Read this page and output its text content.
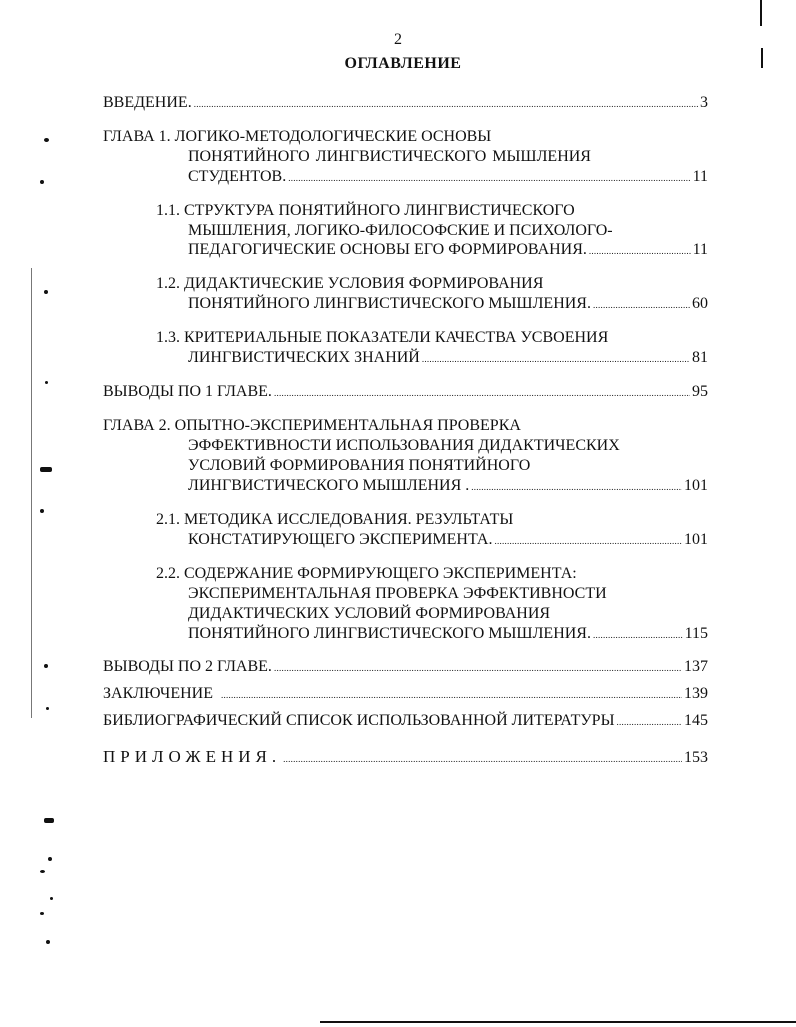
2
ОГЛАВЛЕНИЕ
ВВЕДЕНИЕ. . . .	3
ГЛАВА 1. ЛОГИКО-МЕТОДОЛОГИЧЕСКИЕ ОСНОВЫ
ПОНЯТИЙНОГО ЛИНГВИСТИЧЕСКОГО МЫШЛЕНИЯ
СТУДЕНТОВ. . . .	11
1.1. СТРУКТУРА ПОНЯТИЙНОГО ЛИНГВИСТИЧЕСКОГО
МЫШЛЕНИЯ, ЛОГИКО-ФИЛОСОФСКИЕ И ПСИХОЛОГО-
ПЕДАГОГИЧЕСКИЕ ОСНОВЫ ЕГО ФОРМИРОВАНИЯ. . . .	11
1.2. ДИДАКТИЧЕСКИЕ УСЛОВИЯ ФОРМИРОВАНИЯ
ПОНЯТИЙНОГО ЛИНГВИСТИЧЕСКОГО МЫШЛЕНИЯ. . . .	60
1.3. КРИТЕРИАЛЬНЫЕ ПОКАЗАТЕЛИ КАЧЕСТВА УСВОЕНИЯ
ЛИНГВИСТИЧЕСКИХ ЗНАНИЙ . . .	81
ВЫВОДЫ ПО 1 ГЛАВЕ. . . .	95
ГЛАВА 2. ОПЫТНО-ЭКСПЕРИМЕНТАЛЬНАЯ ПРОВЕРКА
ЭФФЕКТИВНОСТИ ИСПОЛЬЗОВАНИЯ ДИДАКТИЧЕСКИХ
УСЛОВИЙ ФОРМИРОВАНИЯ ПОНЯТИЙНОГО
ЛИНГВИСТИЧЕСКОГО МЫШЛЕНИЯ . . . .	101
2.1. МЕТОДИКА ИССЛЕДОВАНИЯ. РЕЗУЛЬТАТЫ
КОНСТАТИРУЮЩЕГО ЭКСПЕРИМЕНТА. . . .	101
2.2. СОДЕРЖАНИЕ ФОРМИРУЮЩЕГО ЭКСПЕРИМЕНТА:
ЭКСПЕРИМЕНТАЛЬНАЯ ПРОВЕРКА ЭФФЕКТИВНОСТИ
ДИДАКТИЧЕСКИХ УСЛОВИЙ ФОРМИРОВАНИЯ
ПОНЯТИЙНОГО ЛИНГВИСТИЧЕСКОГО МЫШЛЕНИЯ. . . .	115
ВЫВОДЫ ПО 2 ГЛАВЕ. . . .	137
ЗАКЛЮЧЕНИЕ . . .	139
БИБЛИОГРАФИЧЕСКИЙ СПИСОК ИСПОЛЬЗОВАННОЙ ЛИТЕРАТУРЫ . . .	145
ПРИЛОЖЕНИЯ. . . .	153
